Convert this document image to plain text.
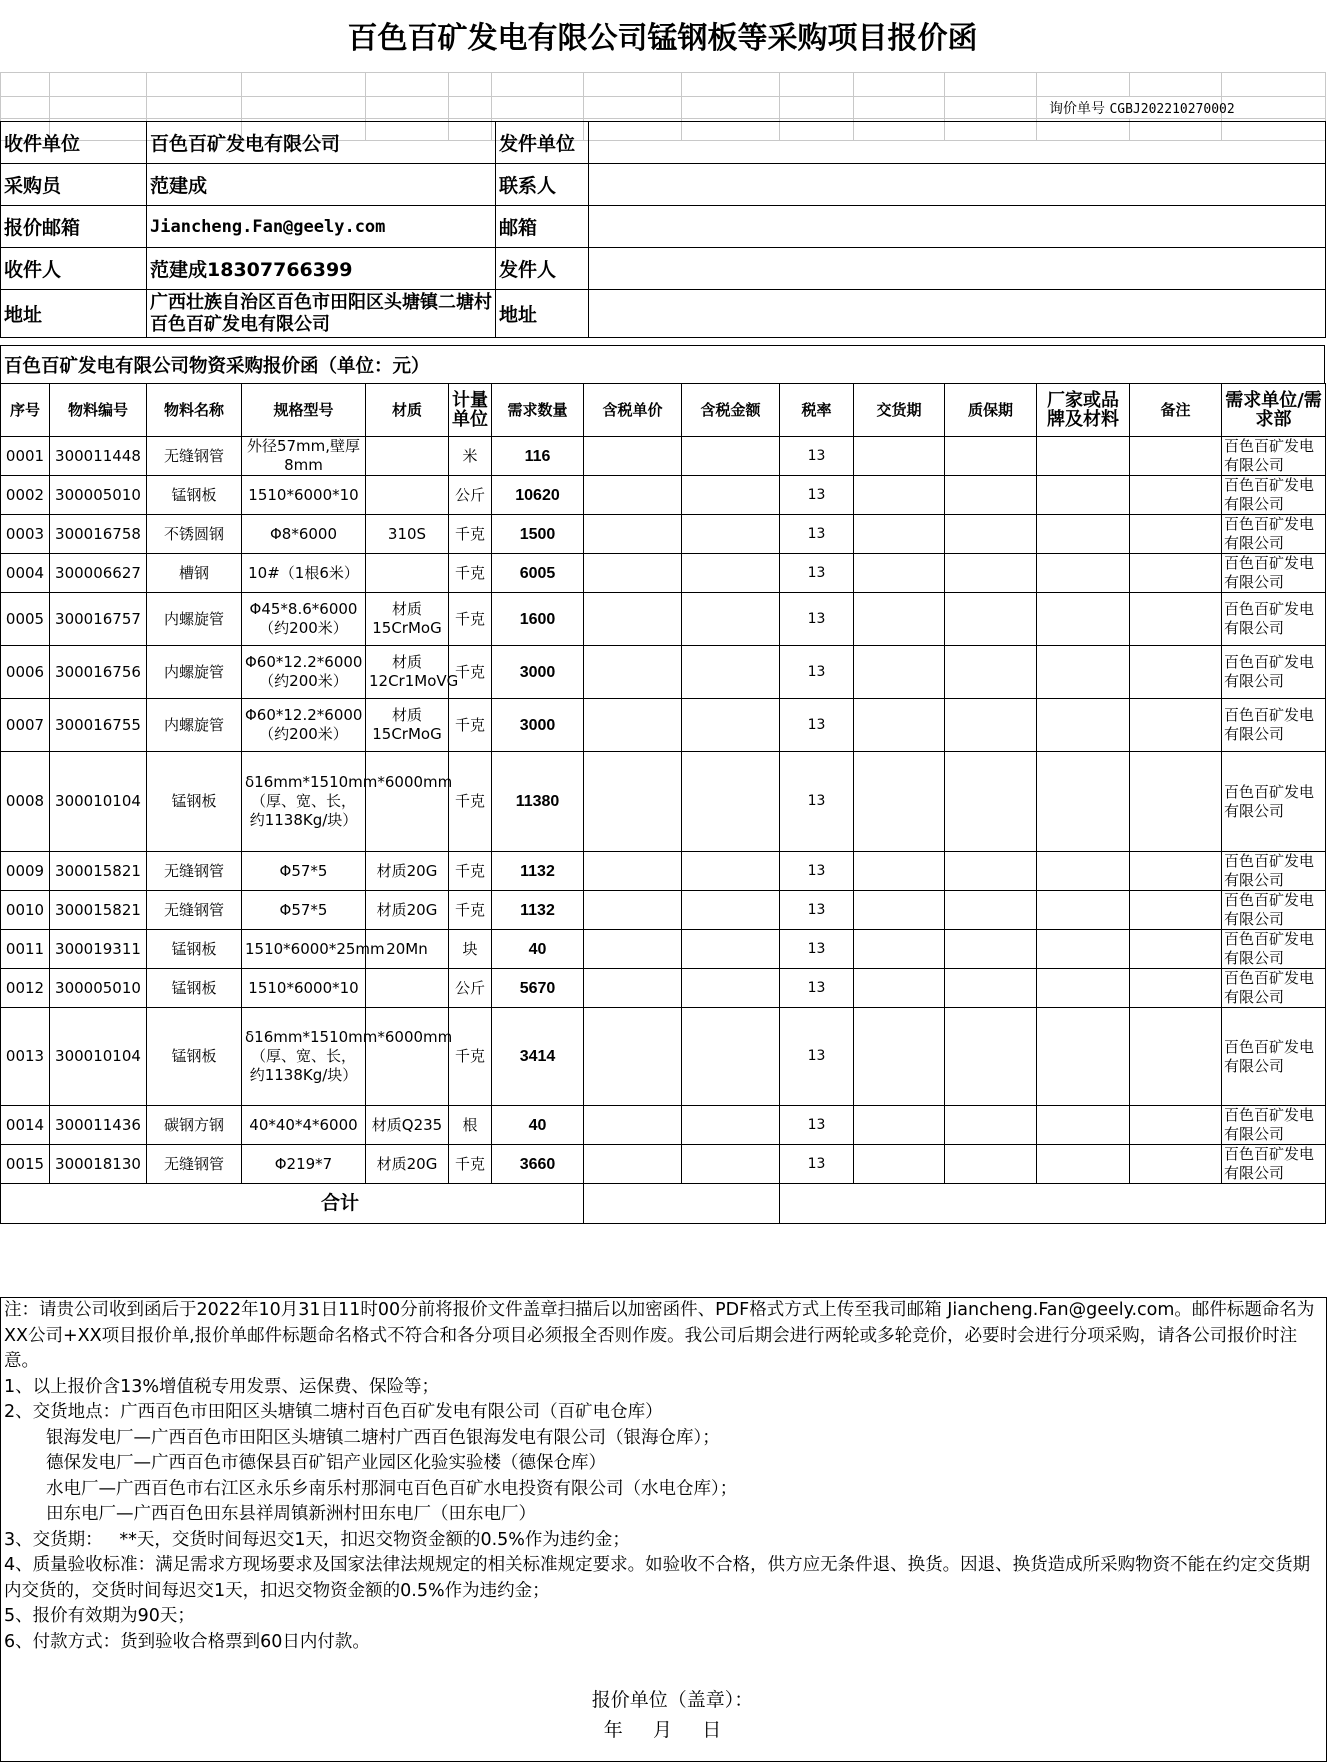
百色百矿发电有限公司锰钢板等采购项目报价函

												询价单号 CGBJ202210270002		

收件单位	百色百矿发电有限公司	发件单位	
采购员	范建成	联系人	
报价邮箱	Jiancheng.Fan@geely.com	邮箱	
收件人	范建成18307766399	发件人	
地址	广西壮族自治区百色市田阳区头塘镇二塘村百色百矿发电有限公司	地址	
百色百矿发电有限公司物资采购报价函（单位：元）
序号	物料编号	物料名称	规格型号	材质	计量单位	需求数量	含税单价	含税金额	税率	交货期	质保期	厂家或品牌及材料	备注	需求单位/需求部
0001	300011448	无缝钢管	外径57mm,壁厚8mm		米	116			13					百色百矿发电有限公司
0002	300005010	锰钢板	1510*6000*10		公斤	10620			13					百色百矿发电有限公司
0003	300016758	不锈圆钢	Φ8*6000	310S	千克	1500			13					百色百矿发电有限公司
0004	300006627	槽钢	10#（1根6米）		千克	6005			13					百色百矿发电有限公司
0005	300016757	内螺旋管	Φ45*8.6*6000（约200米）	材质15CrMoG	千克	1600			13					百色百矿发电有限公司
0006	300016756	内螺旋管	Φ60*12.2*6000（约200米）	材质12Cr1MoVG	千克	3000			13					百色百矿发电有限公司
0007	300016755	内螺旋管	Φ60*12.2*6000（约200米）	材质15CrMoG	千克	3000			13					百色百矿发电有限公司
0008	300010104	锰钢板	δ16mm*1510mm*6000mm（厚、宽、长，约1138Kg/块）		千克	11380			13					百色百矿发电有限公司
0009	300015821	无缝钢管	Φ57*5	材质20G	千克	1132			13					百色百矿发电有限公司
0010	300015821	无缝钢管	Φ57*5	材质20G	千克	1132			13					百色百矿发电有限公司
0011	300019311	锰钢板	1510*6000*25mm	20Mn	块	40			13					百色百矿发电有限公司
0012	300005010	锰钢板	1510*6000*10		公斤	5670			13					百色百矿发电有限公司
0013	300010104	锰钢板	δ16mm*1510mm*6000mm（厚、宽、长，约1138Kg/块）		千克	3414			13					百色百矿发电有限公司
0014	300011436	碳钢方钢	40*40*4*6000	材质Q235	根	40			13					百色百矿发电有限公司
0015	300018130	无缝钢管	Φ219*7	材质20G	千克	3660			13					百色百矿发电有限公司
合计														

注：请贵公司收到函后于2022年10月31日11时00分前将报价文件盖章扫描后以加密函件、PDF格式方式上传至我司邮箱 Jiancheng.Fan@geely.com。邮件标题命名为XX公司+XX项目报价单,报价单邮件标题命名格式不符合和各分项目必须报全否则作废。我公司后期会进行两轮或多轮竞价，必要时会进行分项采购，请各公司报价时注意。

1、以上报价含13%增值税专用发票、运保费、保险等；

2、交货地点：广西百色市田阳区头塘镇二塘村百色百矿发电有限公司（百矿电仓库）

银海发电厂—广西百色市田阳区头塘镇二塘村广西百色银海发电有限公司（银海仓库）；

德保发电厂—广西百色市德保县百矿铝产业园区化验实验楼（德保仓库）

水电厂—广西百色市右江区永乐乡南乐村那洞屯百色百矿水电投资有限公司（水电仓库）；

田东电厂—广西百色田东县祥周镇新洲村田东电厂（田东电厂）

3、交货期：   **天，交货时间每迟交1天，扣迟交物资金额的0.5%作为违约金；

4、质量验收标准：满足需求方现场要求及国家法律法规规定的相关标准规定要求。如验收不合格，供方应无条件退、换货。因退、换货造成所采购物资不能在约定交货期内交货的，交货时间每迟交1天，扣迟交物资金额的0.5%作为违约金；

5、报价有效期为90天；

6、付款方式：货到验收合格票到60日内付款。

报价单位（盖章）：
年     月     日
